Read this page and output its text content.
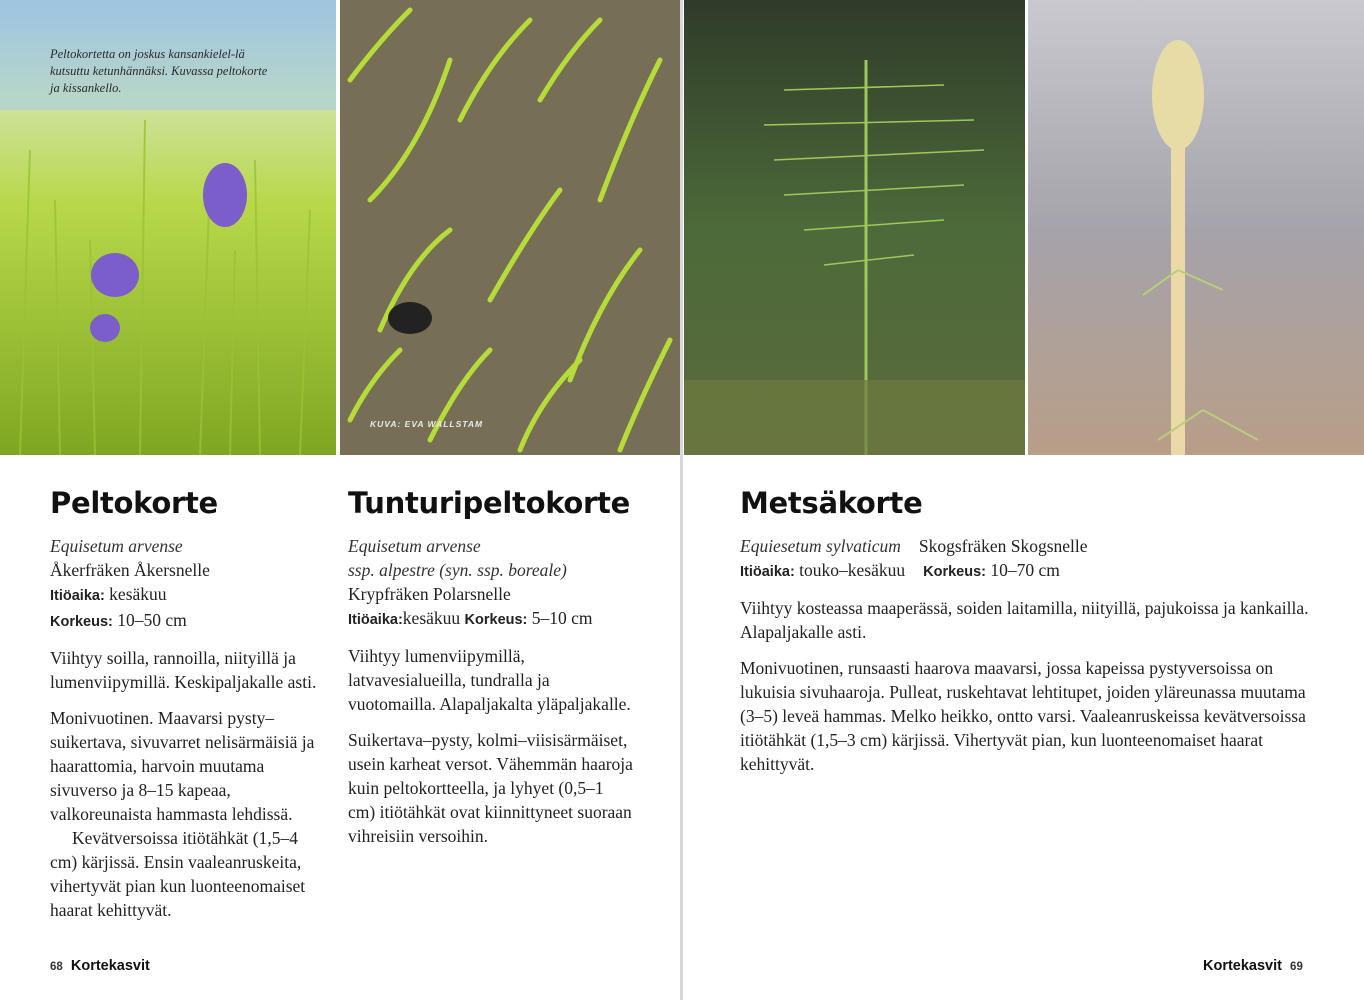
Peltokortetta on joskus kansankielel-lä kutsuttu ketunhännäksi. Kuvassa peltokorte ja kissankello.
KUVA: EVA WALLSTAM
Peltokorte
Equisetum arvense
Åkerfräken Åkersnelle
Itiöaika: kesäkuu
Korkeus: 10–50 cm

Viihtyy soilla, rannoilla, niityillä ja lumenviipymillä. Keskipaljakalle asti.

Monivuotinen. Maavarsi pysty–suikertava, sivuvarret nelisärmäisiä ja haarattomia, harvoin muutama sivuverso ja 8–15 kapeaa, valkoreunaista hammasta lehdissä.

Kevätversoissa itiötähkät (1,5–4 cm) kärjissä. Ensin vaaleanruskeita, vihertyvät pian kun luonteenomaiset haarat kehittyvät.

Tunturipeltokorte
Equisetum arvense
ssp. alpestre (syn. ssp. boreale)
Krypfräken Polarsnelle
Itiöaika:kesäkuu Korkeus: 5–10 cm

Viihtyy lumenviipymillä, latvavesialueilla, tundralla ja vuotomailla. Alapaljakalta yläpaljakalle.

Suikertava–pysty, kolmi–viisisärmäiset, usein karheat versot. Vähemmän haaroja kuin peltokortteella, ja lyhyet (0,5–1 cm) itiötähkät ovat kiinnittyneet suoraan vihreisiin versoihin.

Metsäkorte
Equiesetum sylvaticum Skogsfräken Skogsnelle
Itiöaika: touko–kesäkuu Korkeus: 10–70 cm

Viihtyy kosteassa maaperässä, soiden laitamilla, niityillä, pajukoissa ja kankailla. Alapaljakalle asti.

Monivuotinen, runsaasti haarova maavarsi, jossa kapeissa pystyversoissa on lukuisia sivuhaaroja. Pulleat, ruskehtavat lehtitupet, joiden yläreunassa muutama (3–5) leveä hammas. Melko heikko, ontto varsi. Vaaleanruskeissa kevätversoissa itiötähkät (1,5–3 cm) kärjissä. Vihertyvät pian, kun luonteenomaiset haarat kehittyvät.

68 Kortekasvit	Kortekasvit 69
